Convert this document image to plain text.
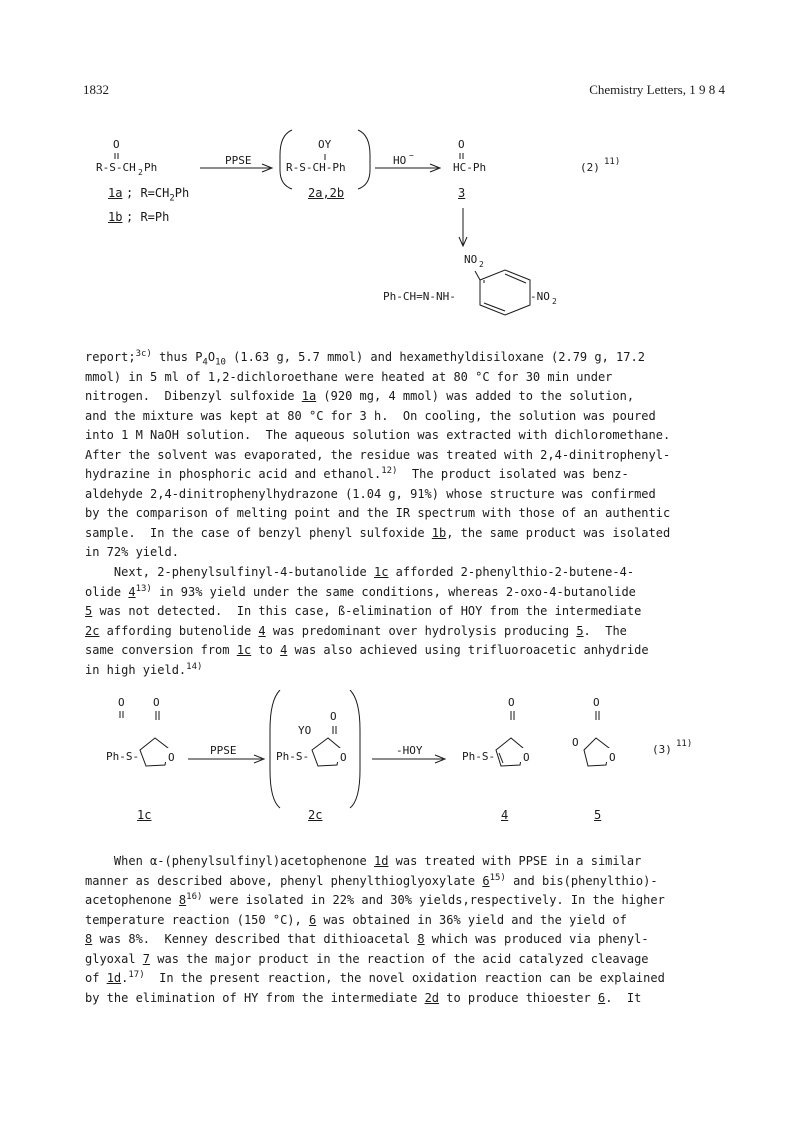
1832	Chemistry Letters, 1 9 8 4
O
R-S-CH 2 Ph
PPSE
OY
R-S-CH-Ph
HO −
O
HC-Ph	(2) 11)
NO 2
Ph-CH=N-NH-	-NO 2
1a ; $R=CH_2Ph$
1b ; R=Ph
2a,2b	3

report;$^{3c)}$ thus $P_4O_{10}$ (1.63 g, 5.7 mmol) and hexamethyldisiloxane (2.79 g, 17.2

mmol) in 5 ml of 1,2-dichloroethane were heated at 80 °C for 30 min under

nitrogen.  Dibenzyl sulfoxide 1a (920 mg, 4 mmol) was added to the solution,

and the mixture was kept at 80 °C for 3 h.  On cooling, the solution was poured

into 1 M NaOH solution.  The aqueous solution was extracted with dichloromethane.

After the solvent was evaporated, the residue was treated with 2,4-dinitrophenyl-

hydrazine in phosphoric acid and ethanol.$^{12)}$  The product isolated was benz-

aldehyde 2,4-dinitrophenylhydrazone (1.04 g, 91%) whose structure was confirmed

by the comparison of melting point and the IR spectrum with those of an authentic

sample.  In the case of benzyl phenyl sulfoxide 1b, the same product was isolated

in 72% yield.

Next, 2-phenylsulfinyl-4-butanolide 1c afforded 2-phenylthio-2-butene-4-

olide 4$^{13)}$ in 93% yield under the same conditions, whereas 2-oxo-4-butanolide

5 was not detected.  In this case, ß-elimination of HOY from the intermediate

2c affording butenolide 4 was predominant over hydrolysis producing 5.  The

same conversion from 1c to 4 was also achieved using trifluoroacetic anhydride

in high yield.$^{14)}$

O	O
Ph-S-	O
PPSE
YO
O
Ph-S-	O
-HOY
O
Ph-S-	O
O
O
O
(3) 11)
1c	2c	4	5

When α-(phenylsulfinyl)acetophenone 1d was treated with PPSE in a similar

manner as described above, phenyl phenylthioglyoxylate 6$^{15)}$ and bis(phenylthio)-

acetophenone 8$^{16)}$ were isolated in 22% and 30% yields,respectively. In the higher

temperature reaction (150 °C), 6 was obtained in 36% yield and the yield of

8 was 8%.  Kenney described that dithioacetal 8 which was produced via phenyl-

glyoxal 7 was the major product in the reaction of the acid catalyzed cleavage

of 1d.$^{17)}$  In the present reaction, the novel oxidation reaction can be explained

by the elimination of HY from the intermediate 2d to produce thioester 6.  It
